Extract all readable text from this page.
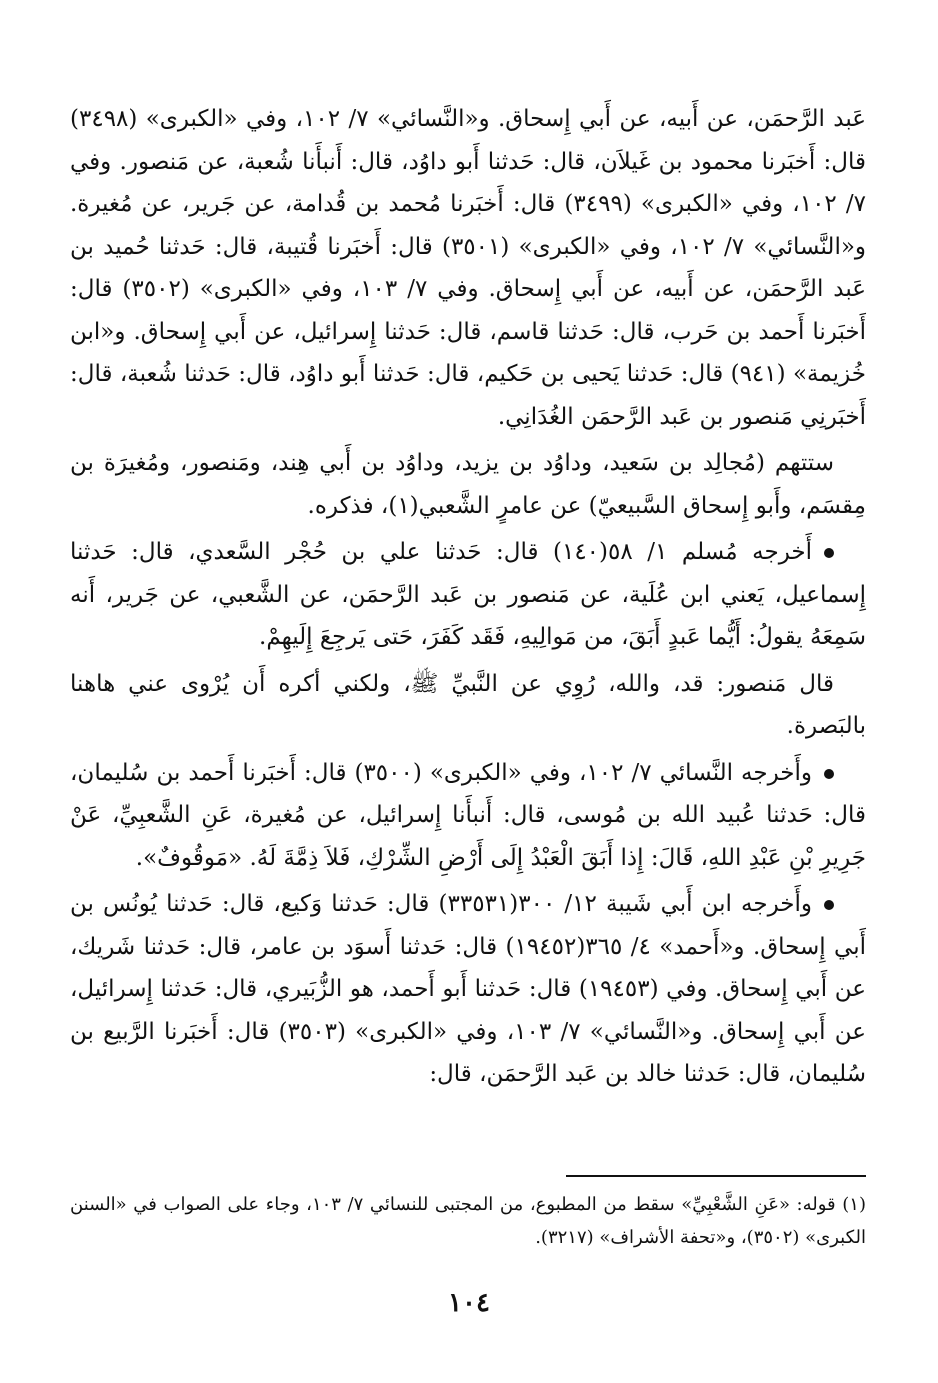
عَبد الرَّحمَن، عن أَبيه، عن أَبي إِسحاق. و«النَّسائي» ٧/ ١٠٢، وفي «الكبرى» (٣٤٩٨) قال: أَخبَرنا محمود بن غَيلاَن، قال: حَدثنا أَبو داوُد، قال: أَنبأَنا شُعبة، عن مَنصور. وفي ٧/ ١٠٢، وفي «الكبرى» (٣٤٩٩) قال: أَخبَرنا مُحمد بن قُدامة، عن جَرير، عن مُغيرة. و«النَّسائي» ٧/ ١٠٢، وفي «الكبرى» (٣٥٠١) قال: أَخبَرنا قُتيبة، قال: حَدثنا حُميد بن عَبد الرَّحمَن، عن أَبيه، عن أَبي إِسحاق. وفي ٧/ ١٠٣، وفي «الكبرى» (٣٥٠٢) قال: أَخبَرنا أَحمد بن حَرب، قال: حَدثنا قاسم، قال: حَدثنا إِسرائيل، عن أَبي إِسحاق. و«ابن خُزيمة» (٩٤١) قال: حَدثنا يَحيى بن حَكيم، قال: حَدثنا أَبو داوُد، قال: حَدثنا شُعبة، قال: أَخبَرنِي مَنصور بن عَبد الرَّحمَن الغُدَانِي.

ستتهم (مُجالِد بن سَعيد، وداوُد بن يزيد، وداوُد بن أَبي هِند، ومَنصور، ومُغيرَة بن مِقسَم، وأَبو إِسحاق السَّبيعيّ) عن عامرٍ الشَّعبي(١)، فذكره.

أَخرجه مُسلم ١/ ٥٨(١٤٠) قال: حَدثنا علي بن حُجْر السَّعدي، قال: حَدثنا إِسماعيل، يَعني ابن عُلَية، عن مَنصور بن عَبد الرَّحمَن، عن الشَّعبي، عن جَرير، أَنه سَمِعَهُ يقولُ: أَيُّما عَبدٍ أَبَقَ، من مَوالِيهِ، فَقَد كَفَرَ، حَتى يَرجِعَ إِلَيهِمْ.

قال مَنصور: قد، والله، رُوِي عن النَّبيِّ ﷺ، ولكني أكره أَن يُرْوى عني هاهنا بالبَصرة.

وأَخرجه النَّسائي ٧/ ١٠٢، وفي «الكبرى» (٣٥٠٠) قال: أَخبَرنا أَحمد بن سُليمان، قال: حَدثنا عُبيد الله بن مُوسى، قال: أَنبأَنا إِسرائيل، عن مُغيرة، عَنِ الشَّعبِيِّ، عَنْ جَرِيرِ بْنِ عَبْدِ اللهِ، قَالَ: إِذا أَبَقَ الْعَبْدُ إِلَى أَرْضِ الشِّرْكِ، فَلاَ ذِمَّةَ لَهُ. «مَوقُوفٌ».

وأَخرجه ابن أَبي شَيبة ١٢/ ٣٠٠(٣٣٥٣١) قال: حَدثنا وَكيع، قال: حَدثنا يُونُس بن أَبي إِسحاق. و«أَحمد» ٤/ ٣٦٥(١٩٤٥٢) قال: حَدثنا أَسوَد بن عامر، قال: حَدثنا شَريك، عن أَبي إِسحاق. وفي (١٩٤٥٣) قال: حَدثنا أَبو أَحمد، هو الزُّبَيري، قال: حَدثنا إِسرائيل، عن أَبي إِسحاق. و«النَّسائي» ٧/ ١٠٣، وفي «الكبرى» (٣٥٠٣) قال: أَخبَرنا الرَّبيع بن سُليمان، قال: حَدثنا خالد بن عَبد الرَّحمَن، قال:

(١) قوله: «عَنِ الشَّعْبِيِّ» سقط من المطبوع، من المجتبى للنسائي ٧/ ١٠٣، وجاء على الصواب في «السنن الكبرى» (٣٥٠٢)، و«تحفة الأشراف» (٣٢١٧).

١٠٤
